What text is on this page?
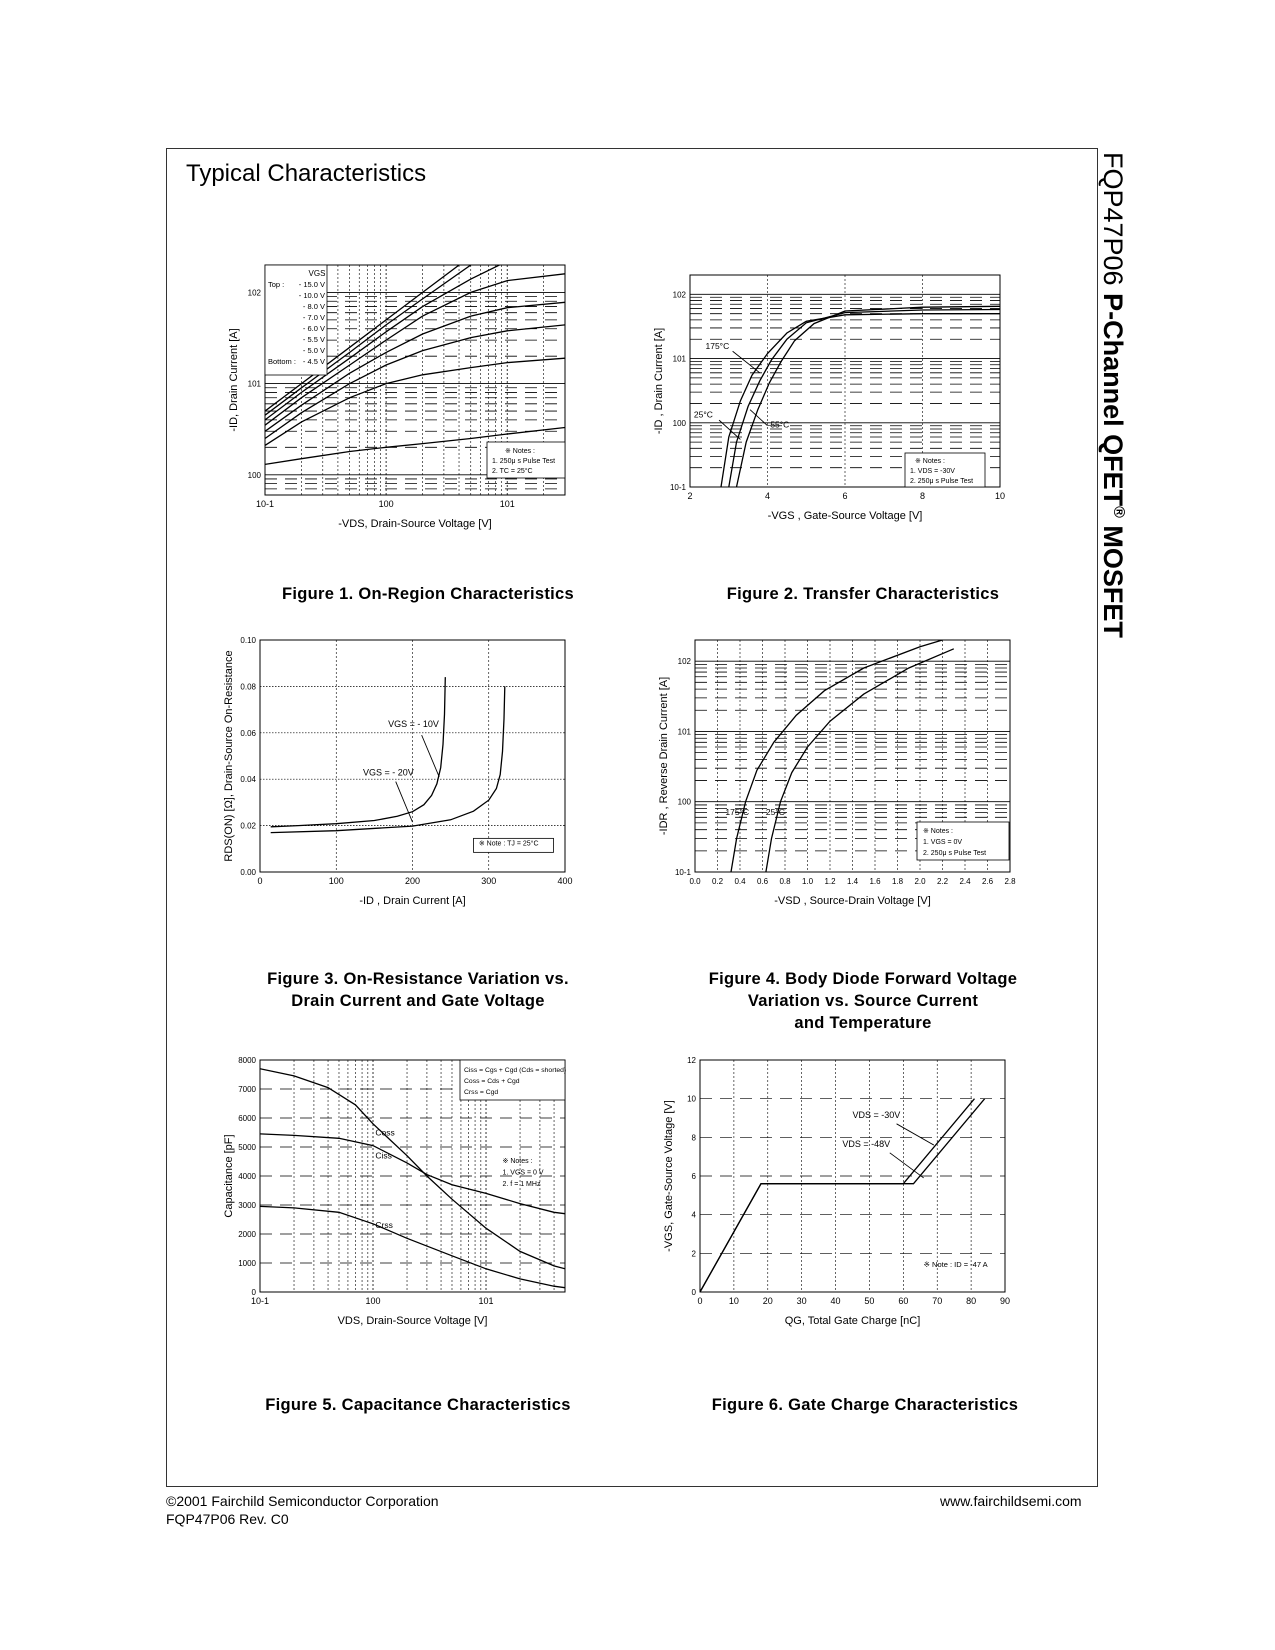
Typical Characteristics	FQP47P06 P-Channel QFET® MOSFET
10-1	100	101
100
101
102
-VDS, Drain-Source Voltage [V]
-ID, Drain Current [A]
VGS
Top : - 15.0 V
- 10.0 V
- 8.0 V
- 7.0 V
- 6.0 V
- 5.5 V
- 5.0 V
Bottom : - 4.5 V
※ Notes :
1. 250μ s Pulse Test
2. TC = 25°C
Figure 1. On-Region Characteristics
2	4	6	8	10
10-1
100
101
102
-VGS , Gate-Source Voltage [V]
-ID , Drain Current [A]	175°C
25°C
-55°C
※ Notes :
1. VDS = -30V
2. 250μ s Pulse Test
Figure 2. Transfer Characteristics
0	100	200	300	400
0.00
0.02
0.04
0.06
0.08
0.10
-ID , Drain Current [A]
RDS(ON) [Ω], Drain-Source On-Resistance	VGS = - 10V
VGS = - 20V
※ Note : TJ = 25°C
Figure 3. On-Resistance Variation vs.
Drain Current and Gate Voltage
0.0 0.2 0.4 0.6 0.8 1.0 1.2 1.4 1.6 1.8 2.0 2.2 2.4 2.6 2.8
10-1
100
101
102
-VSD , Source-Drain Voltage [V]
-IDR , Reverse Drain Current [A]	175°C 25°C
※ Notes :
1. VGS = 0V
2. 250μ s Pulse Test
Figure 4. Body Diode Forward Voltage
Variation vs. Source Current
and Temperature
10-1	100	101
0
1000
2000
3000
4000
5000
6000
7000
8000
VDS, Drain-Source Voltage [V]
Capacitance [pF]
Ciss = Cgs + Cgd (Cds = shorted)
Coss = Cds + Cgd
Crss = Cgd
Coss
Ciss
Crss
※ Notes :
1. VGS = 0 V
2. f = 1 MHz
Figure 5. Capacitance Characteristics
0	10	20	30	40	50	60	70	80	90
0
2
4
6
8
10
12
QG, Total Gate Charge [nC]
-VGS, Gate-Source Voltage [V]	VDS = -30V
VDS = -48V
※ Note : ID = -47 A
Figure 6. Gate Charge Characteristics
©2001 Fairchild Semiconductor Corporation
FQP47P06 Rev. C0
www.fairchildsemi.com
